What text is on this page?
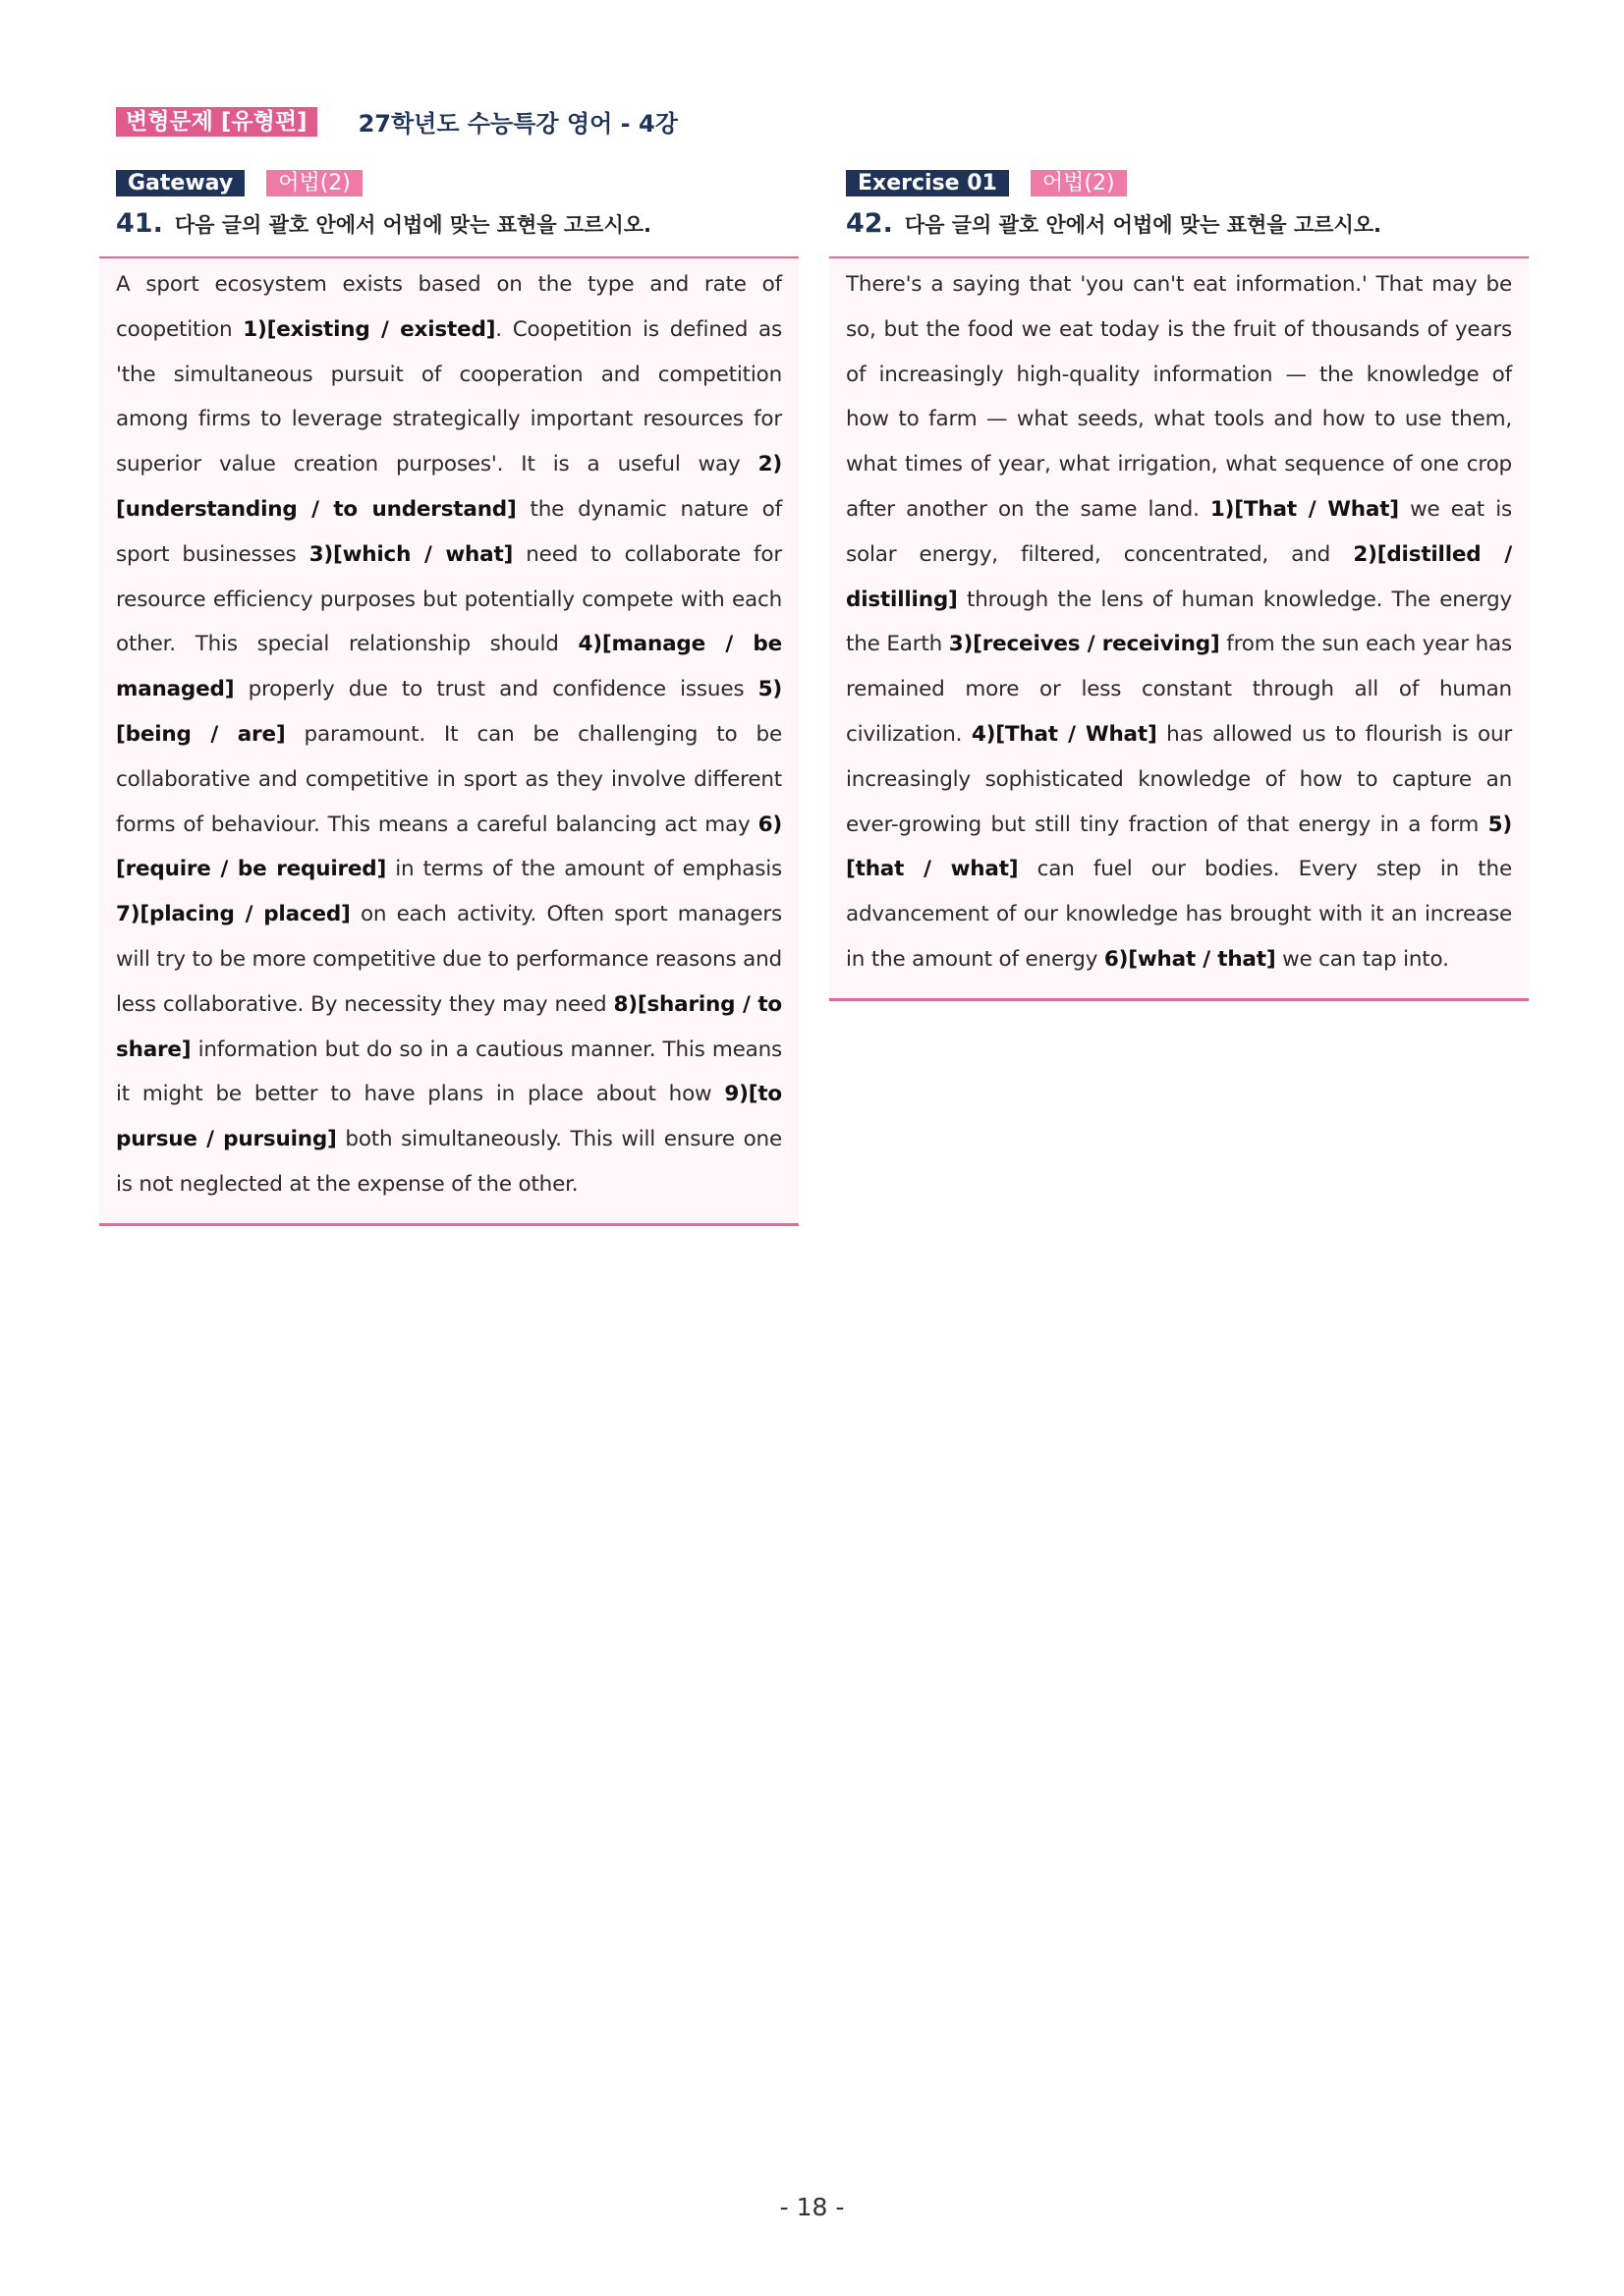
변형문제 [유형편]	27학년도 수능특강 영어 - 4강
Gateway	어법(2)
41. 다음 글의 괄호 안에서 어법에 맞는 표현을 고르시오.

A sport ecosystem exists based on the type and rate of coopetition 1)[existing / existed]. Coopetition is defined as 'the simultaneous pursuit of cooperation and competition among firms to leverage strategically important resources for superior value creation purposes'. It is a useful way 2)[understanding / to understand] the dynamic nature of sport businesses 3)[which / what] need to collaborate for resource efficiency purposes but potentially compete with each other. This special relationship should 4)[manage / be managed] properly due to trust and confidence issues 5)[being / are] paramount. It can be challenging to be collaborative and competitive in sport as they involve different forms of behaviour. This means a careful balancing act may 6)[require / be required] in terms of the amount of emphasis 7)[placing / placed] on each activity. Often sport managers will try to be more competitive due to performance reasons and less collaborative. By necessity they may need 8)[sharing / to share] information but do so in a cautious manner. This means it might be better to have plans in place about how 9)[to pursue / pursuing] both simultaneously. This will ensure one is not neglected at the expense of the other.

Exercise 01	어법(2)
42. 다음 글의 괄호 안에서 어법에 맞는 표현을 고르시오.

There's a saying that 'you can't eat information.' That may be so, but the food we eat today is the fruit of thousands of years of increasingly high-quality information — the knowledge of how to farm — what seeds, what tools and how to use them, what times of year, what irrigation, what sequence of one crop after another on the same land. 1)[That / What] we eat is solar energy, filtered, concentrated, and 2)[distilled / distilling] through the lens of human knowledge. The energy the Earth 3)[receives / receiving] from the sun each year has remained more or less constant through all of human civilization. 4)[That / What] has allowed us to flourish is our increasingly sophisticated knowledge of how to capture an ever-growing but still tiny fraction of that energy in a form 5)[that / what] can fuel our bodies. Every step in the advancement of our knowledge has brought with it an increase in the amount of energy 6)[what / that] we can tap into.

- 18 -
